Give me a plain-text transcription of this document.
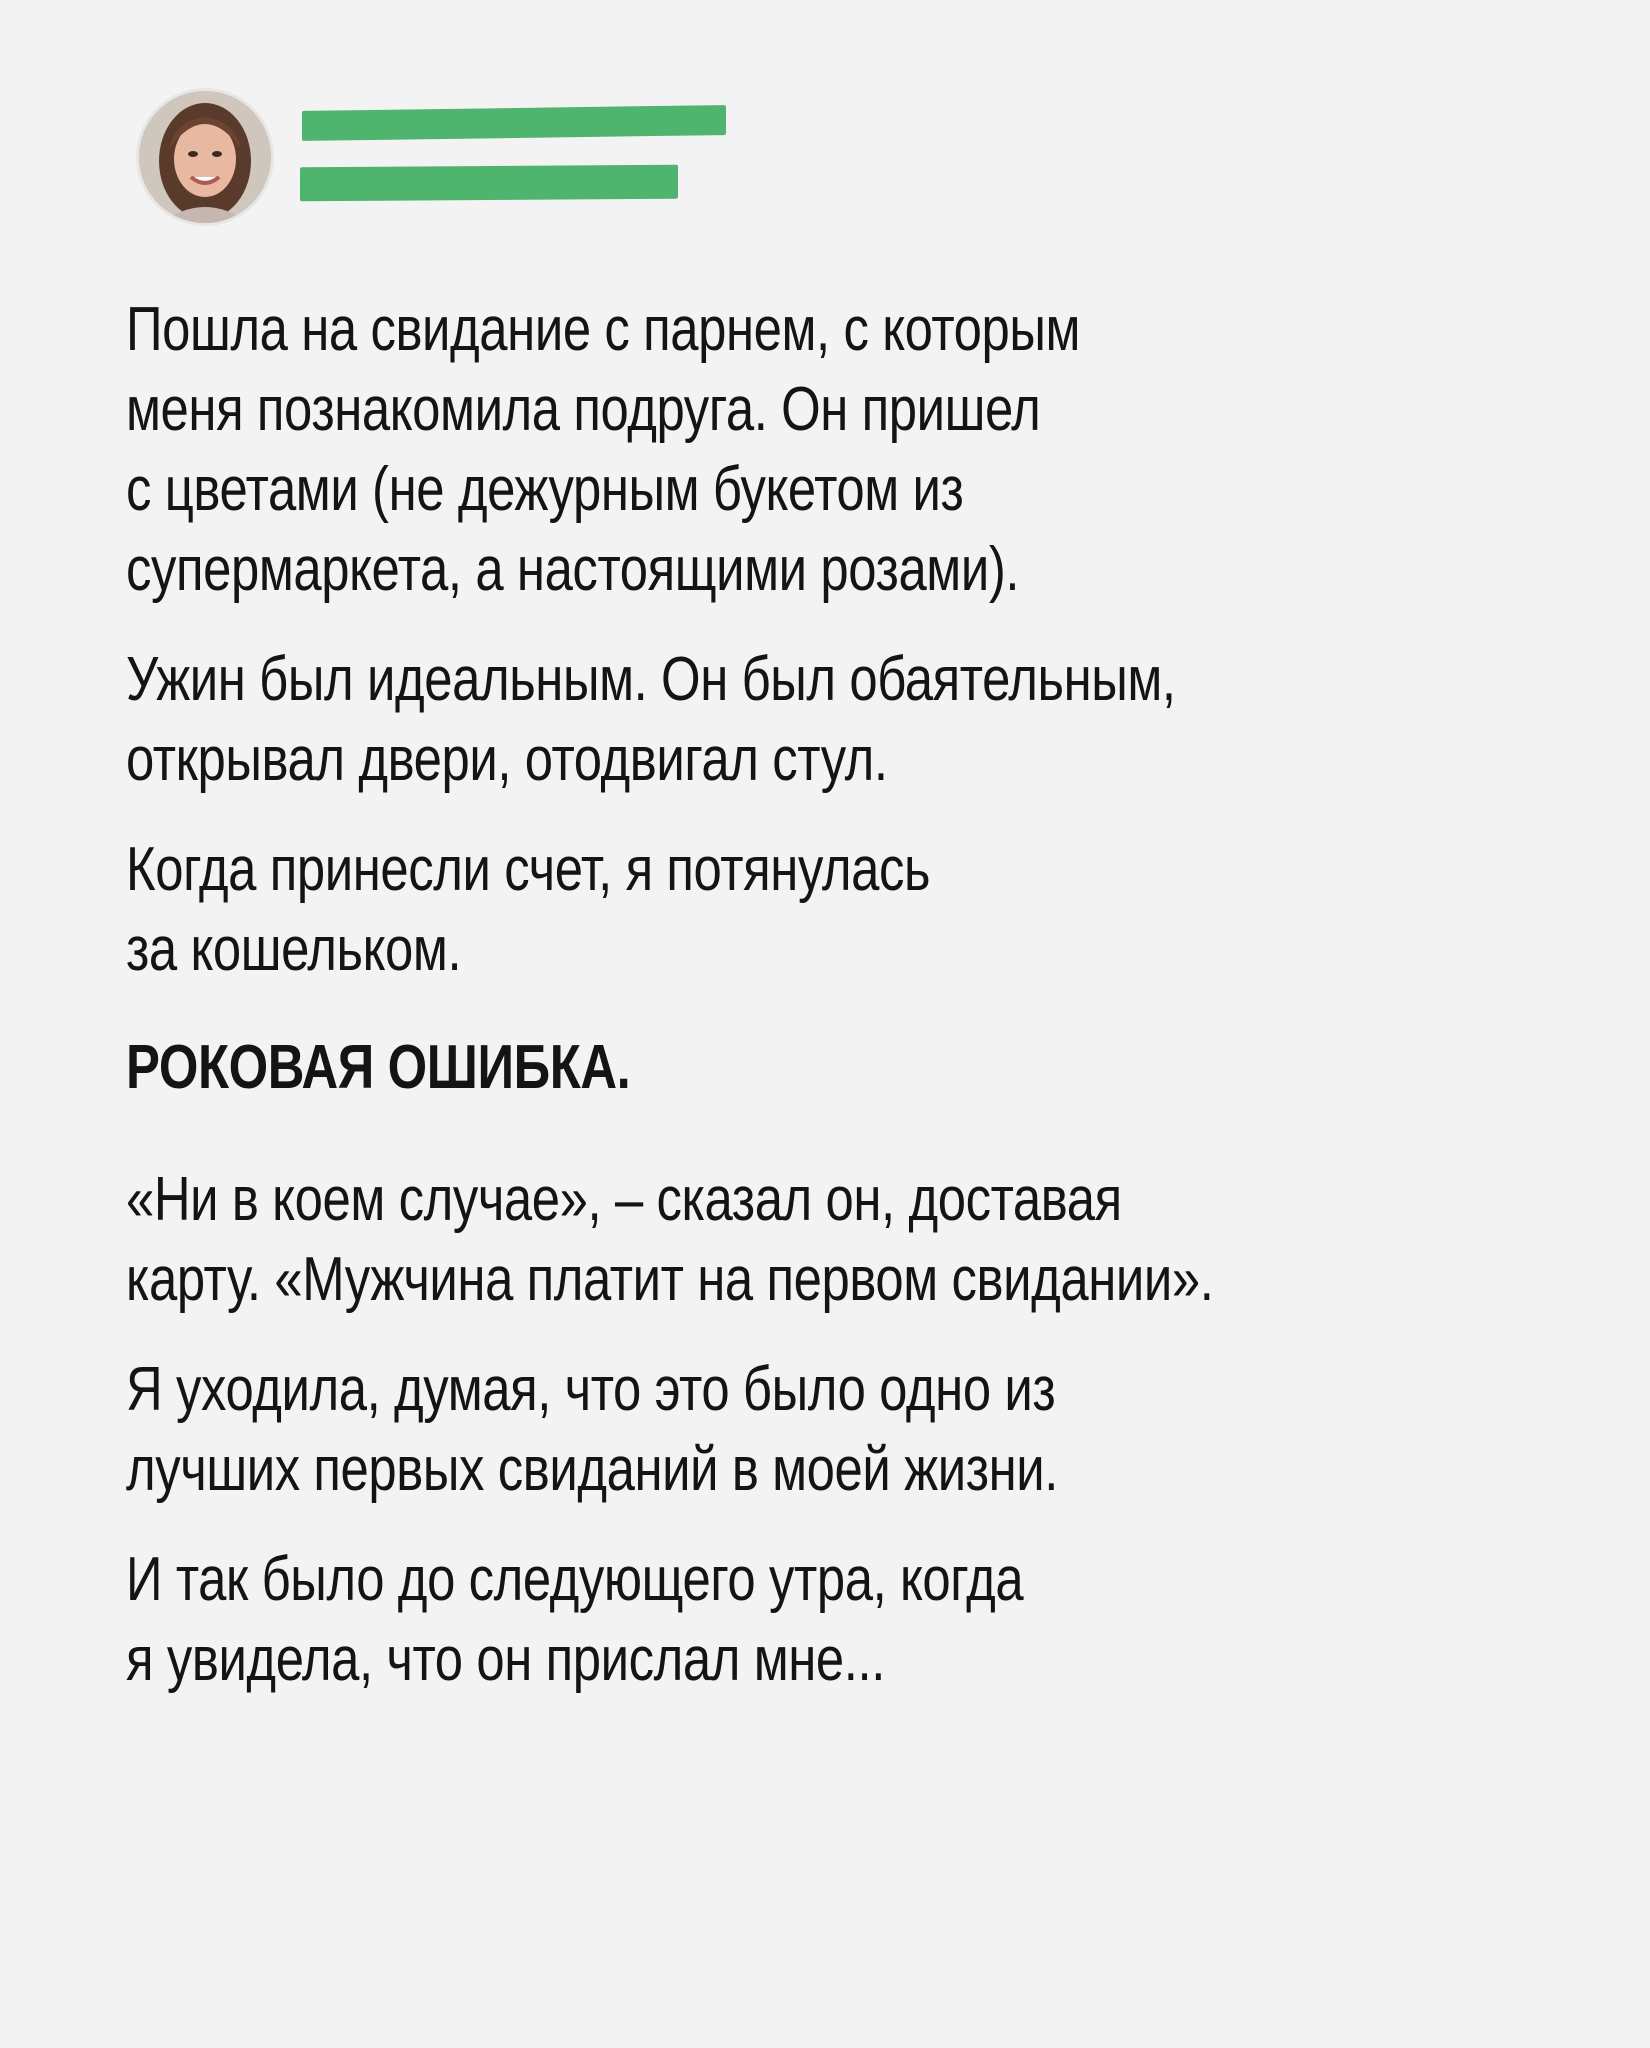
Пошла на свидание с парнем, с которым
меня познакомила подруга. Он пришел
с цветами (не дежурным букетом из
супермаркета, а настоящими розами).
Ужин был идеальным. Он был обаятельным,
открывал двери, отодвигал стул.
Когда принесли счет, я потянулась
за кошельком.
РОКОВАЯ ОШИБКА.
«Ни в коем случае», – сказал он, доставая
карту. «Мужчина платит на первом свидании».
Я уходила, думая, что это было одно из
лучших первых свиданий в моей жизни.
И так было до следующего утра, когда
я увидела, что он прислал мне...
